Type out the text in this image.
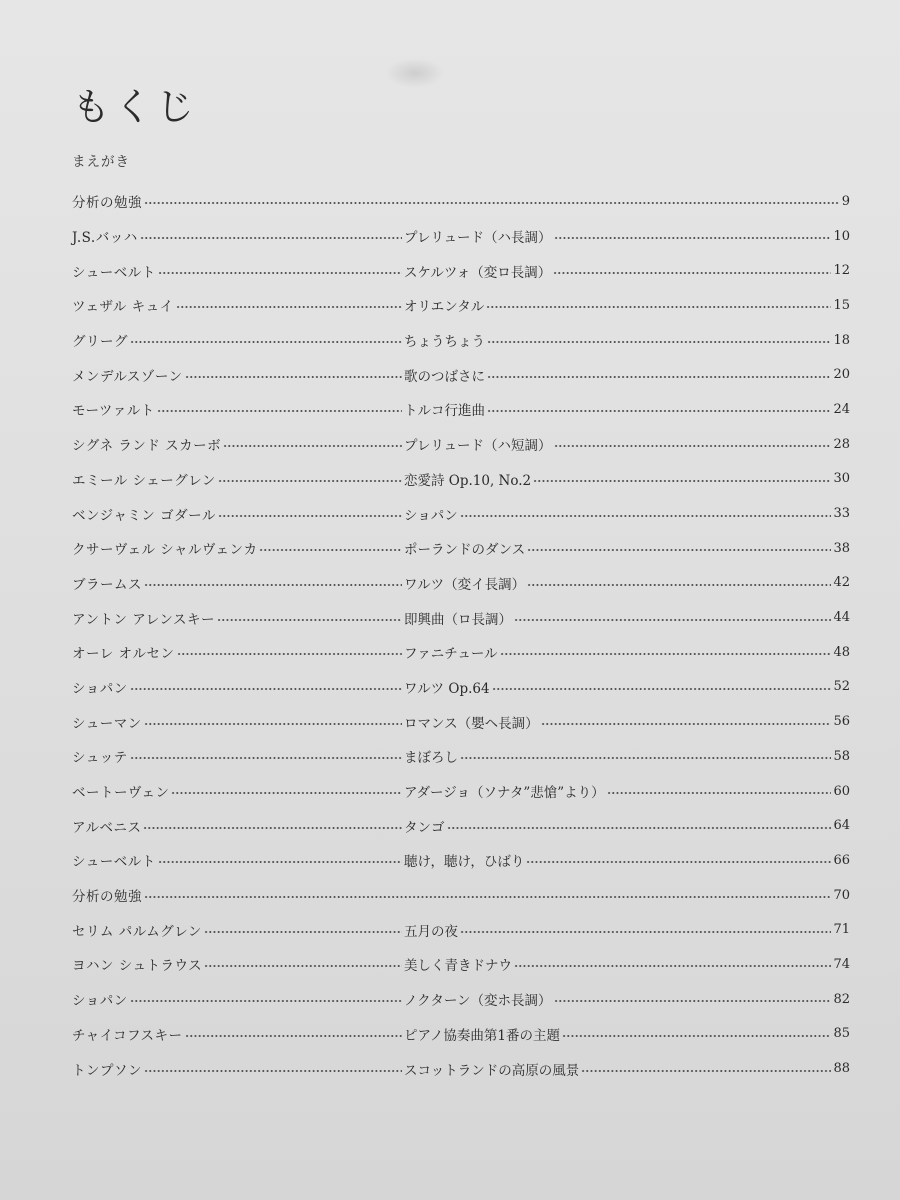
もくじ
まえがき
分析の勉強	9
J.S.バッハ	プレリュード（ハ長調）	10
シューベルト	スケルツォ（変ロ長調）	12
ツェザル キュイ	オリエンタル	15
グリーグ	ちょうちょう	18
メンデルスゾーン	歌のつばさに	20
モーツァルト	トルコ行進曲	24
シグネ ランド スカーボ	プレリュード（ハ短調）	28
エミール シェーグレン	恋愛詩 Op.10, No.2	30
ベンジャミン ゴダール	ショパン	33
クサーヴェル シャルヴェンカ	ポーランドのダンス	38
ブラームス	ワルツ（変イ長調）	42
アントン アレンスキー	即興曲（ロ長調）	44
オーレ オルセン	ファニチュール	48
ショパン	ワルツ Op.64	52
シューマン	ロマンス（嬰ヘ長調）	56
シュッテ	まぼろし	58
ベートーヴェン	アダージョ（ソナタ”悲愴”より）	60
アルベニス	タンゴ	64
シューベルト	聴け，聴け，ひばり	66
分析の勉強	70
セリム パルムグレン	五月の夜	71
ヨハン シュトラウス	美しく青きドナウ	74
ショパン	ノクターン（変ホ長調）	82
チャイコフスキー	ピアノ協奏曲第1番の主題	85
トンプソン	スコットランドの高原の風景	88
